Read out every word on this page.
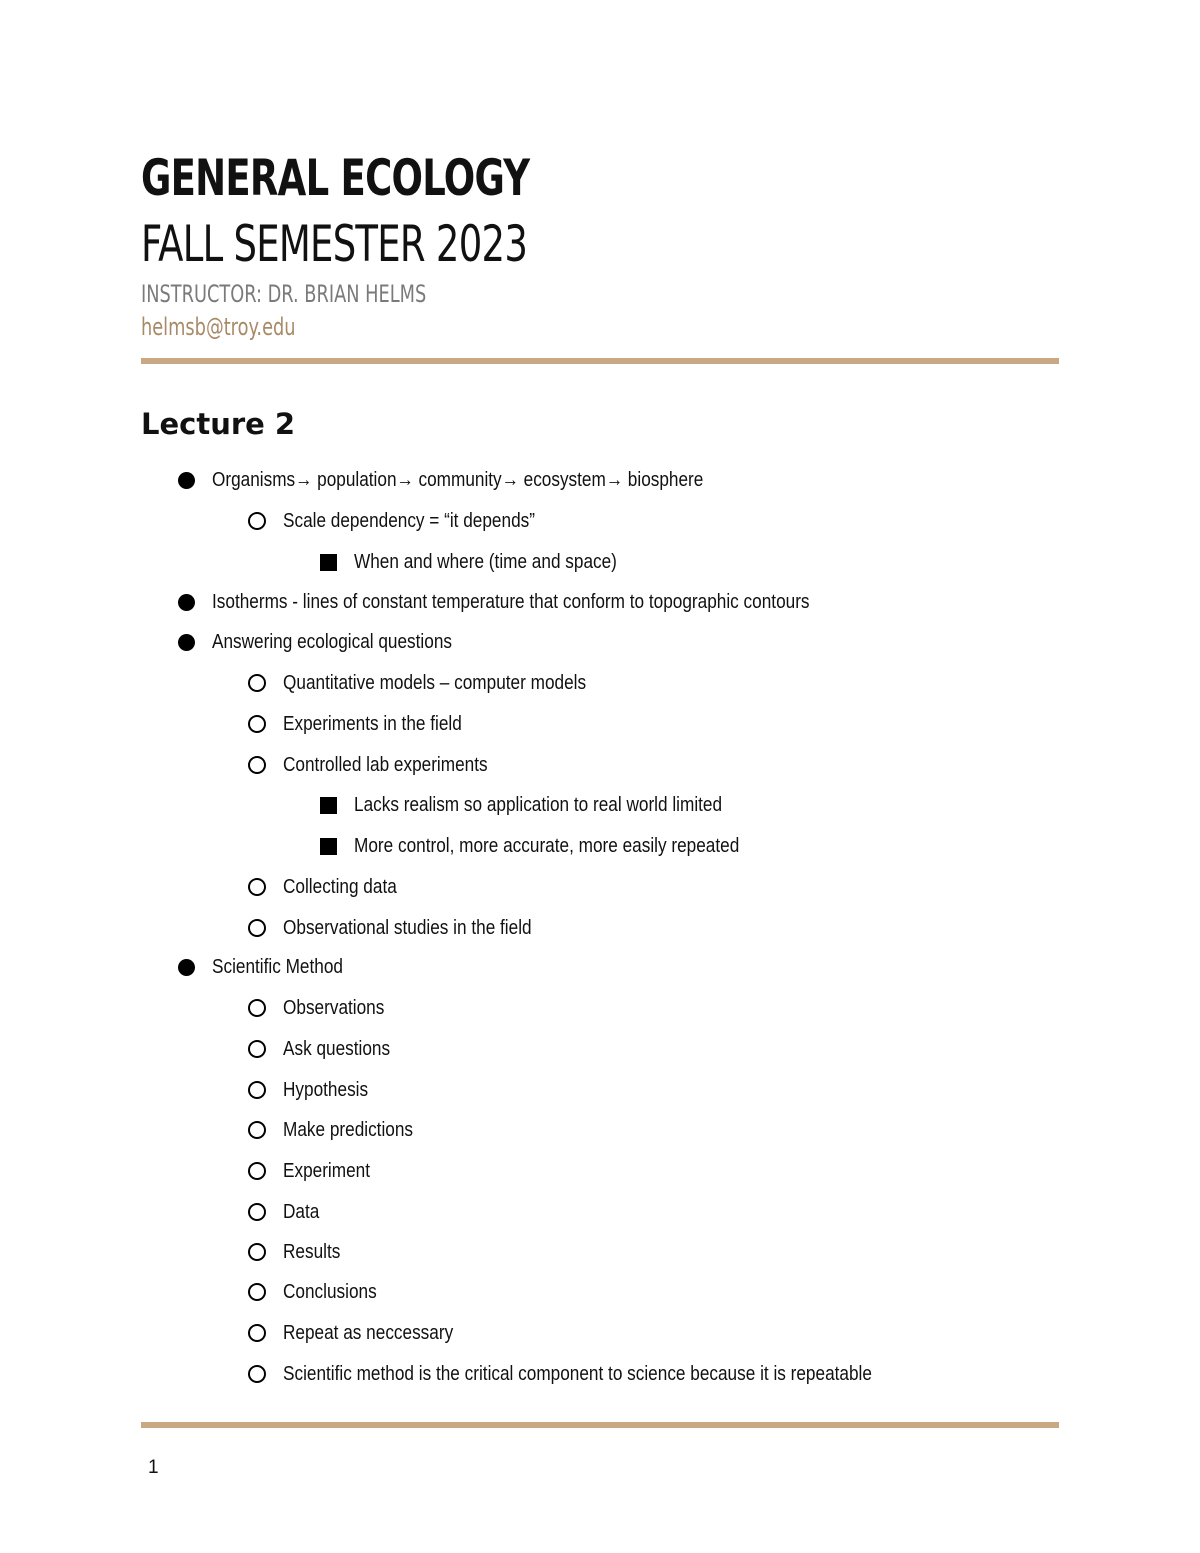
GENERAL ECOLOGY
FALL SEMESTER 2023
INSTRUCTOR: DR. BRIAN HELMS
helmsb@troy.edu
Lecture 2
Organisms→ population→ community→ ecosystem→ biosphere
Scale dependency = “it depends”
When and where (time and space)
Isotherms - lines of constant temperature that conform to topographic contours
Answering ecological questions
Quantitative models – computer models
Experiments in the field
Controlled lab experiments
Lacks realism so application to real world limited
More control, more accurate, more easily repeated
Collecting data
Observational studies in the field
Scientific Method
Observations
Ask questions
Hypothesis
Make predictions
Experiment
Data
Results
Conclusions
Repeat as neccessary
Scientific method is the critical component to science because it is repeatable
1
